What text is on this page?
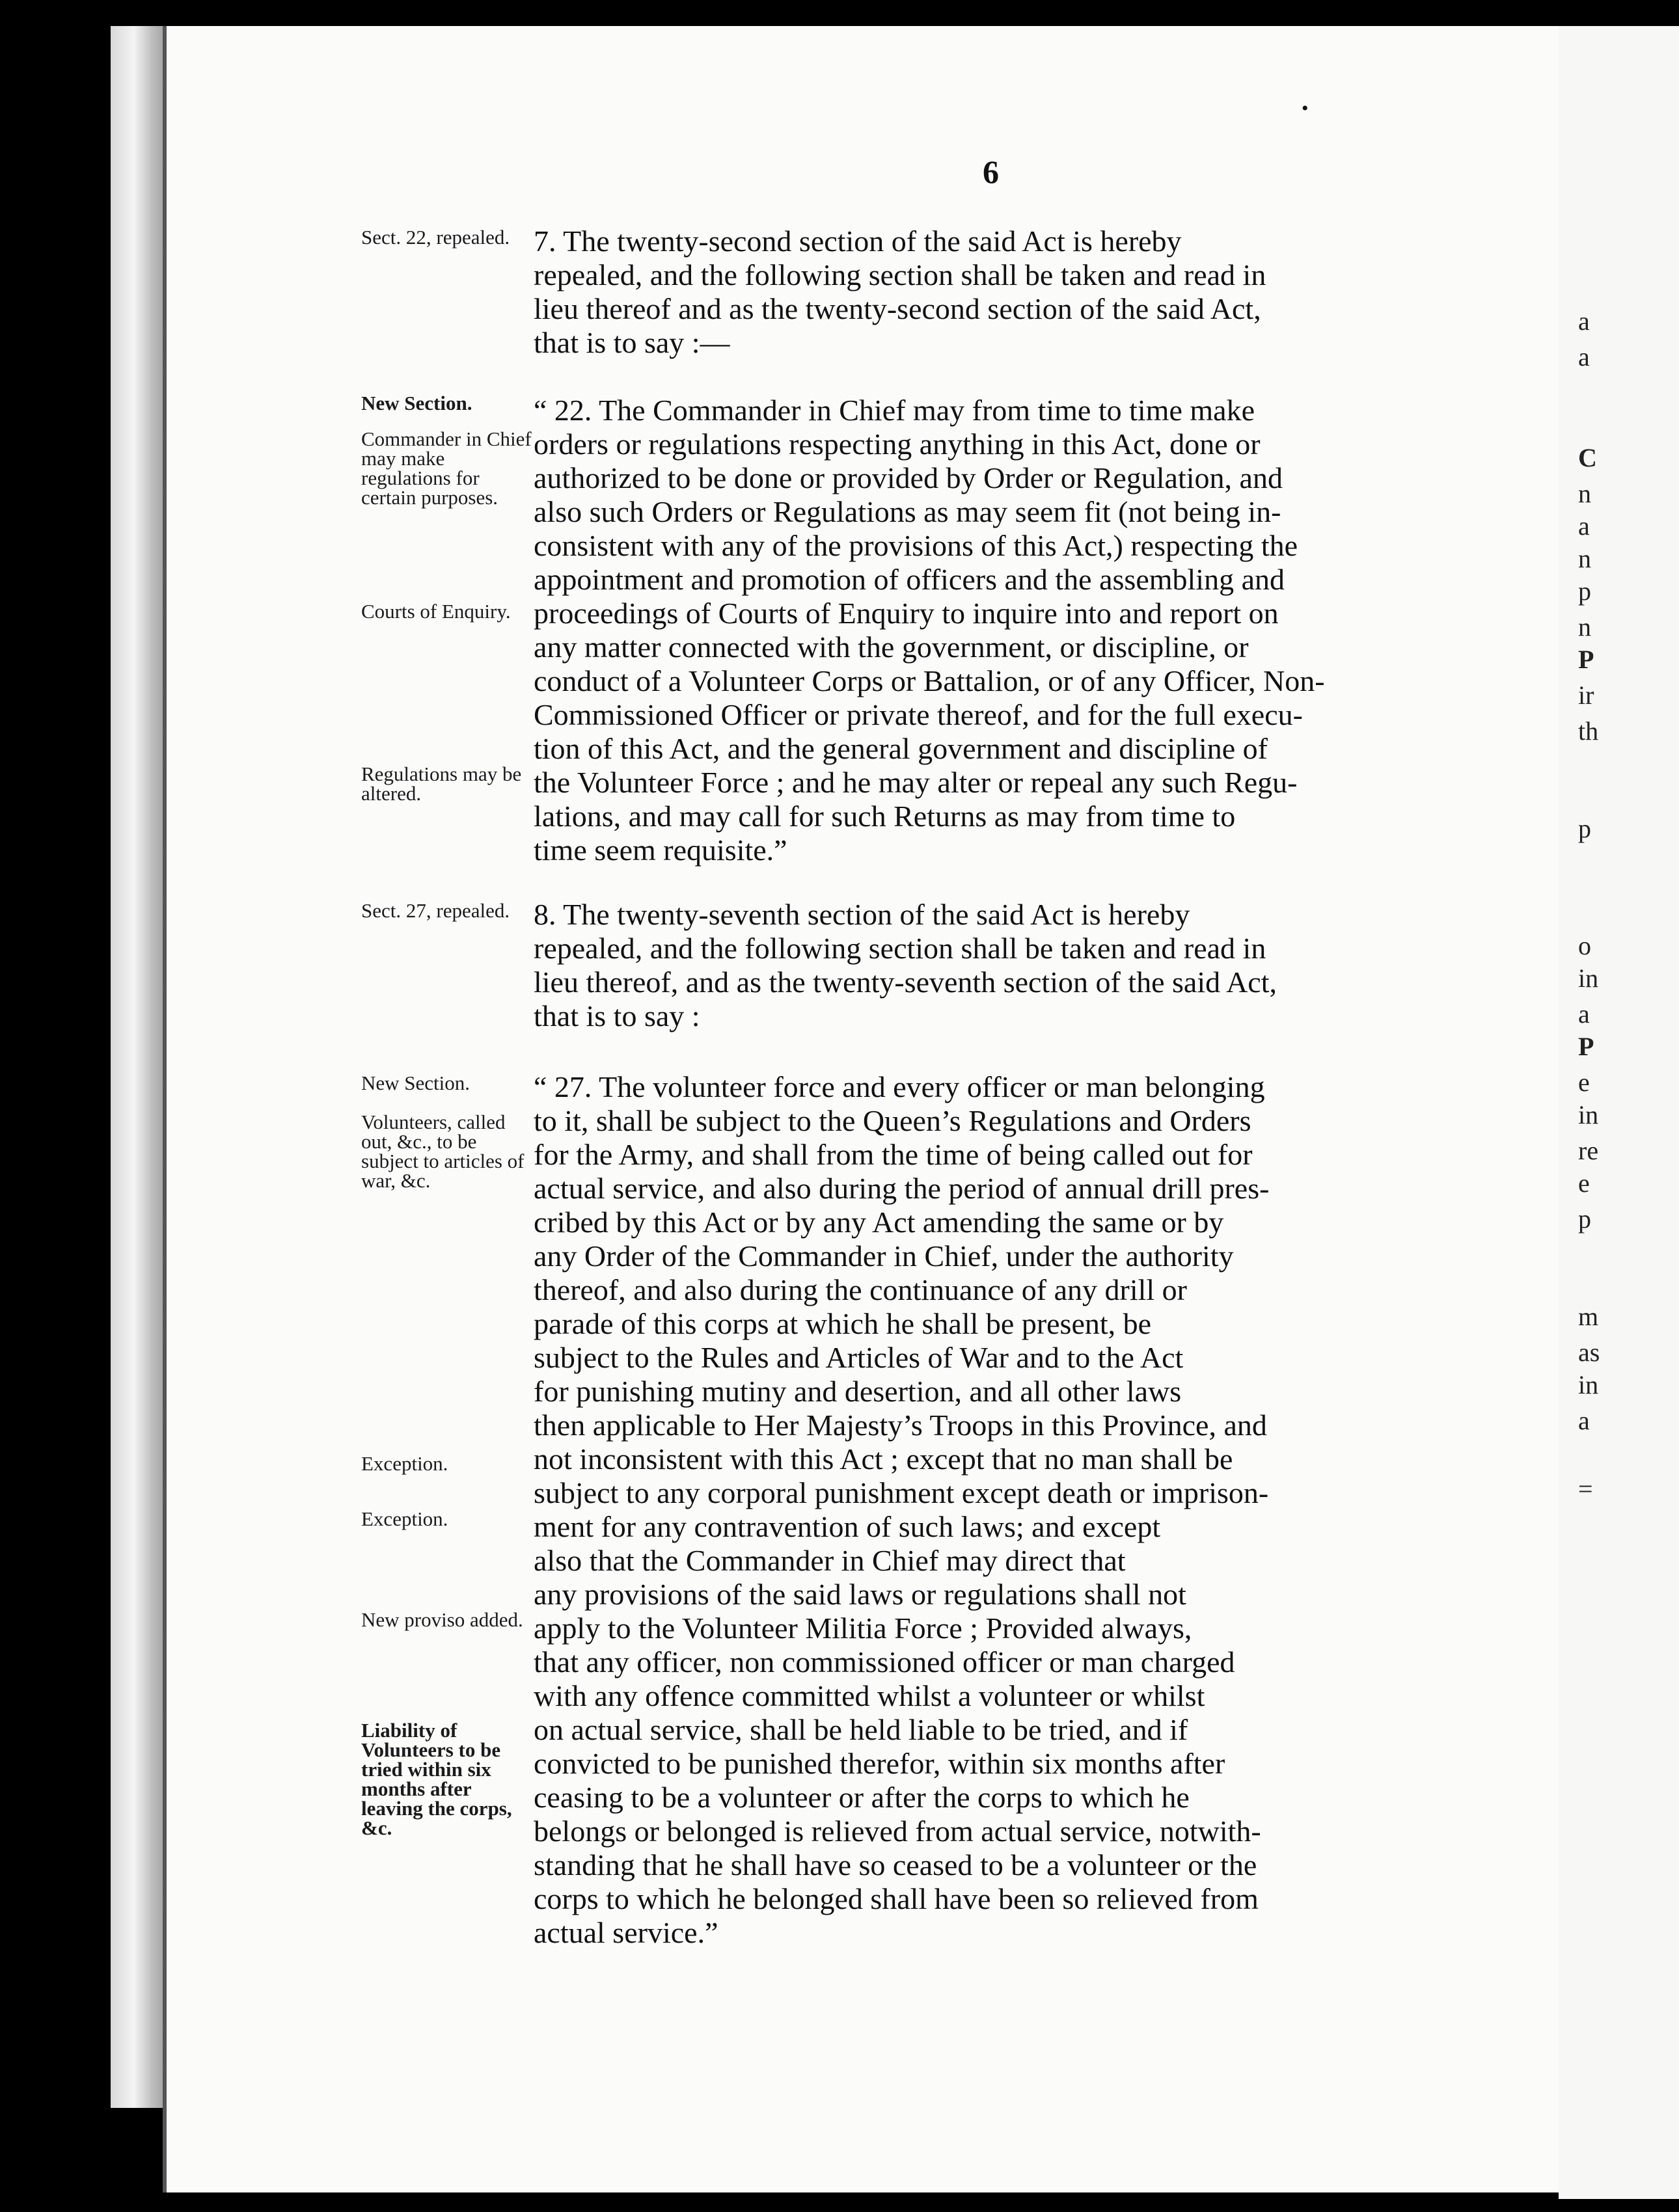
a
a
C
n
a
n
p
n
P
ir
th
p
o
in
a
P
e
in
re
e
p
m
as
in
a
=
6
•
Sect. 22, repealed.
New Section.
Commander in Chief may make regulations for certain purposes.
Courts of Enquiry.
Regulations may be altered.
Sect. 27, repealed.
New Section.
Volunteers, called out, &c., to be subject to articles of war, &c.
Exception.
Exception.
New proviso added.
Liability of Volunteers to be tried within six months after leaving the corps, &c.
7. The twenty-second section of the said Act is hereby
repealed, and the following section shall be taken and read in
lieu thereof and as the twenty-second section of the said Act,
that is to say :—
“ 22. The Commander in Chief may from time to time make
orders or regulations respecting anything in this Act, done or
authorized to be done or provided by Order or Regulation, and
also such Orders or Regulations as may seem fit (not being in-
consistent with any of the provisions of this Act,) respecting the
appointment and promotion of officers and the assembling and
proceedings of Courts of Enquiry to inquire into and report on
any matter connected with the government, or discipline, or
conduct of a Volunteer Corps or Battalion, or of any Officer, Non-
Commissioned Officer or private thereof, and for the full execu-
tion of this Act, and the general government and discipline of
the Volunteer Force ; and he may alter or repeal any such Regu-
lations, and may call for such Returns as may from time to
time seem requisite.”
8. The twenty-seventh section of the said Act is hereby
repealed, and the following section shall be taken and read in
lieu thereof, and as the twenty-seventh section of the said Act,
that is to say :
“ 27. The volunteer force and every officer or man belonging
to it, shall be subject to the Queen’s Regulations and Orders
for the Army, and shall from the time of being called out for
actual service, and also during the period of annual drill pres-
cribed by this Act or by any Act amending the same or by
any Order of the Commander in Chief, under the authority
thereof, and also during the continuance of any drill or
parade of this corps at which he shall be present, be
subject to the Rules and Articles of War and to the Act
for punishing mutiny and desertion, and all other laws
then applicable to Her Majesty’s Troops in this Province, and
not inconsistent with this Act ; except that no man shall be
subject to any corporal punishment except death or imprison-
ment for any contravention of such laws; and except
also that the Commander in Chief may direct that
any provisions of the said laws or regulations shall not
apply to the Volunteer Militia Force ; Provided always,
that any officer, non commissioned officer or man charged
with any offence committed whilst a volunteer or whilst
on actual service, shall be held liable to be tried, and if
convicted to be punished therefor, within six months after
ceasing to be a volunteer or after the corps to which he
belongs or belonged is relieved from actual service, notwith-
standing that he shall have so ceased to be a volunteer or the
corps to which he belonged shall have been so relieved from
actual service.”
